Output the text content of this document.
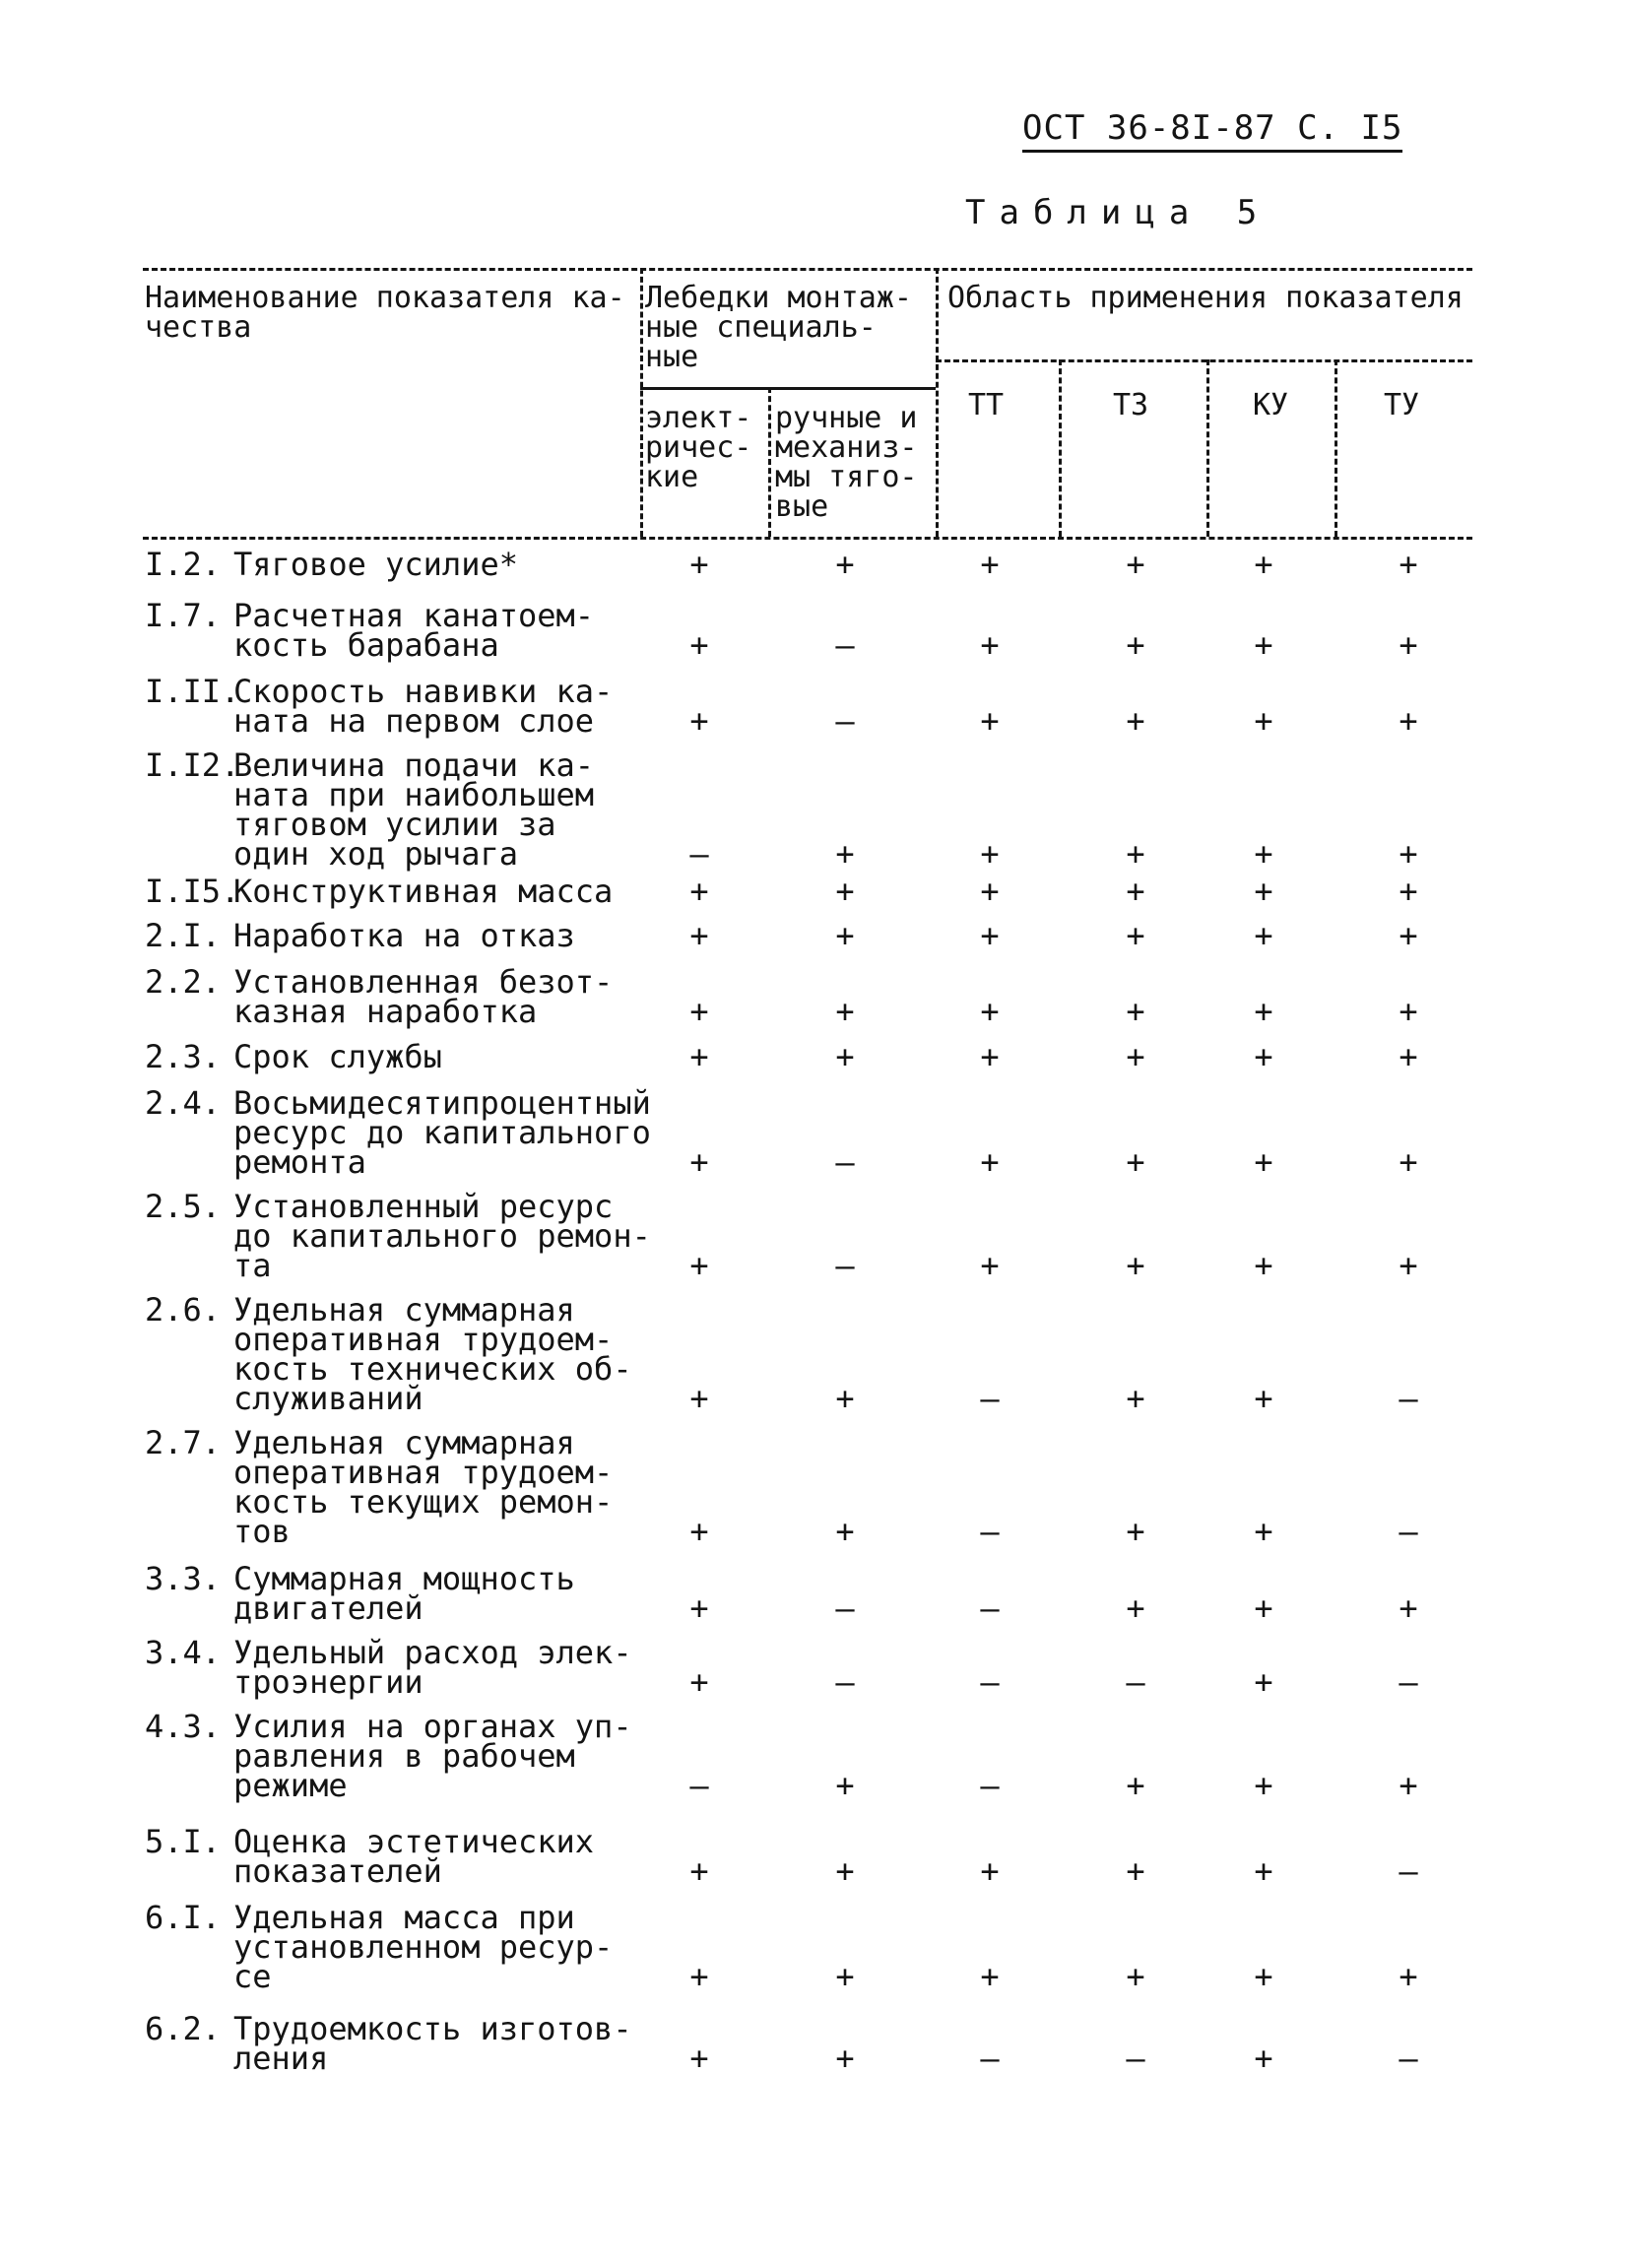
ОСТ 36-8I-87 С. I5
Таблица 5
Наименование показателя ка-
чества
Лебедки монтаж-
ные специаль-
ные
элект-
ричес-
кие
ручные и
механиз-
мы тяго-
вые
Область применения показателя
ТТ	ТЗ	КУ	ТУ
I.2. Тяговое усилие*	+	+	+	+	+	+
I.7. Расчетная канатоем-
кость барабана	+	–	+	+	+	+
I.II.
Скорость навивки ка-
ната на первом слое	+	–	+	+	+	+
I.I2.
Величина подачи ка-
ната при наибольшем
тяговом усилии за
один ход рычага	–	+	+	+	+	+
I.I5.
Конструктивная масса	+	+	+	+	+	+
2.I. Наработка на отказ	+	+	+	+	+	+
2.2. Установленная безот-
казная наработка	+	+	+	+	+	+
2.3. Срок службы	+	+	+	+	+	+
2.4. Восьмидесятипроцентный
ресурс до капитального
ремонта	+	–	+	+	+	+
2.5. Установленный ресурс
до капитального ремон-
та	+	–	+	+	+	+
2.6. Удельная суммарная
оперативная трудоем-
кость технических об-
служиваний	+	+	–	+	+	–
2.7. Удельная суммарная
оперативная трудоем-
кость текущих ремон-
тов	+	+	–	+	+	–
3.3. Суммарная мощность
двигателей	+	–	–	+	+	+
3.4. Удельный расход элек-
троэнергии	+	–	–	–	+	–
4.3. Усилия на органах уп-
равления в рабочем
режиме	–	+	–	+	+	+
5.I. Оценка эстетических
показателей	+	+	+	+	+	–
6.I. Удельная масса при
установленном ресур-
се	+	+	+	+	+	+
6.2. Трудоемкость изготов-
ления	+	+	–	–	+	–
